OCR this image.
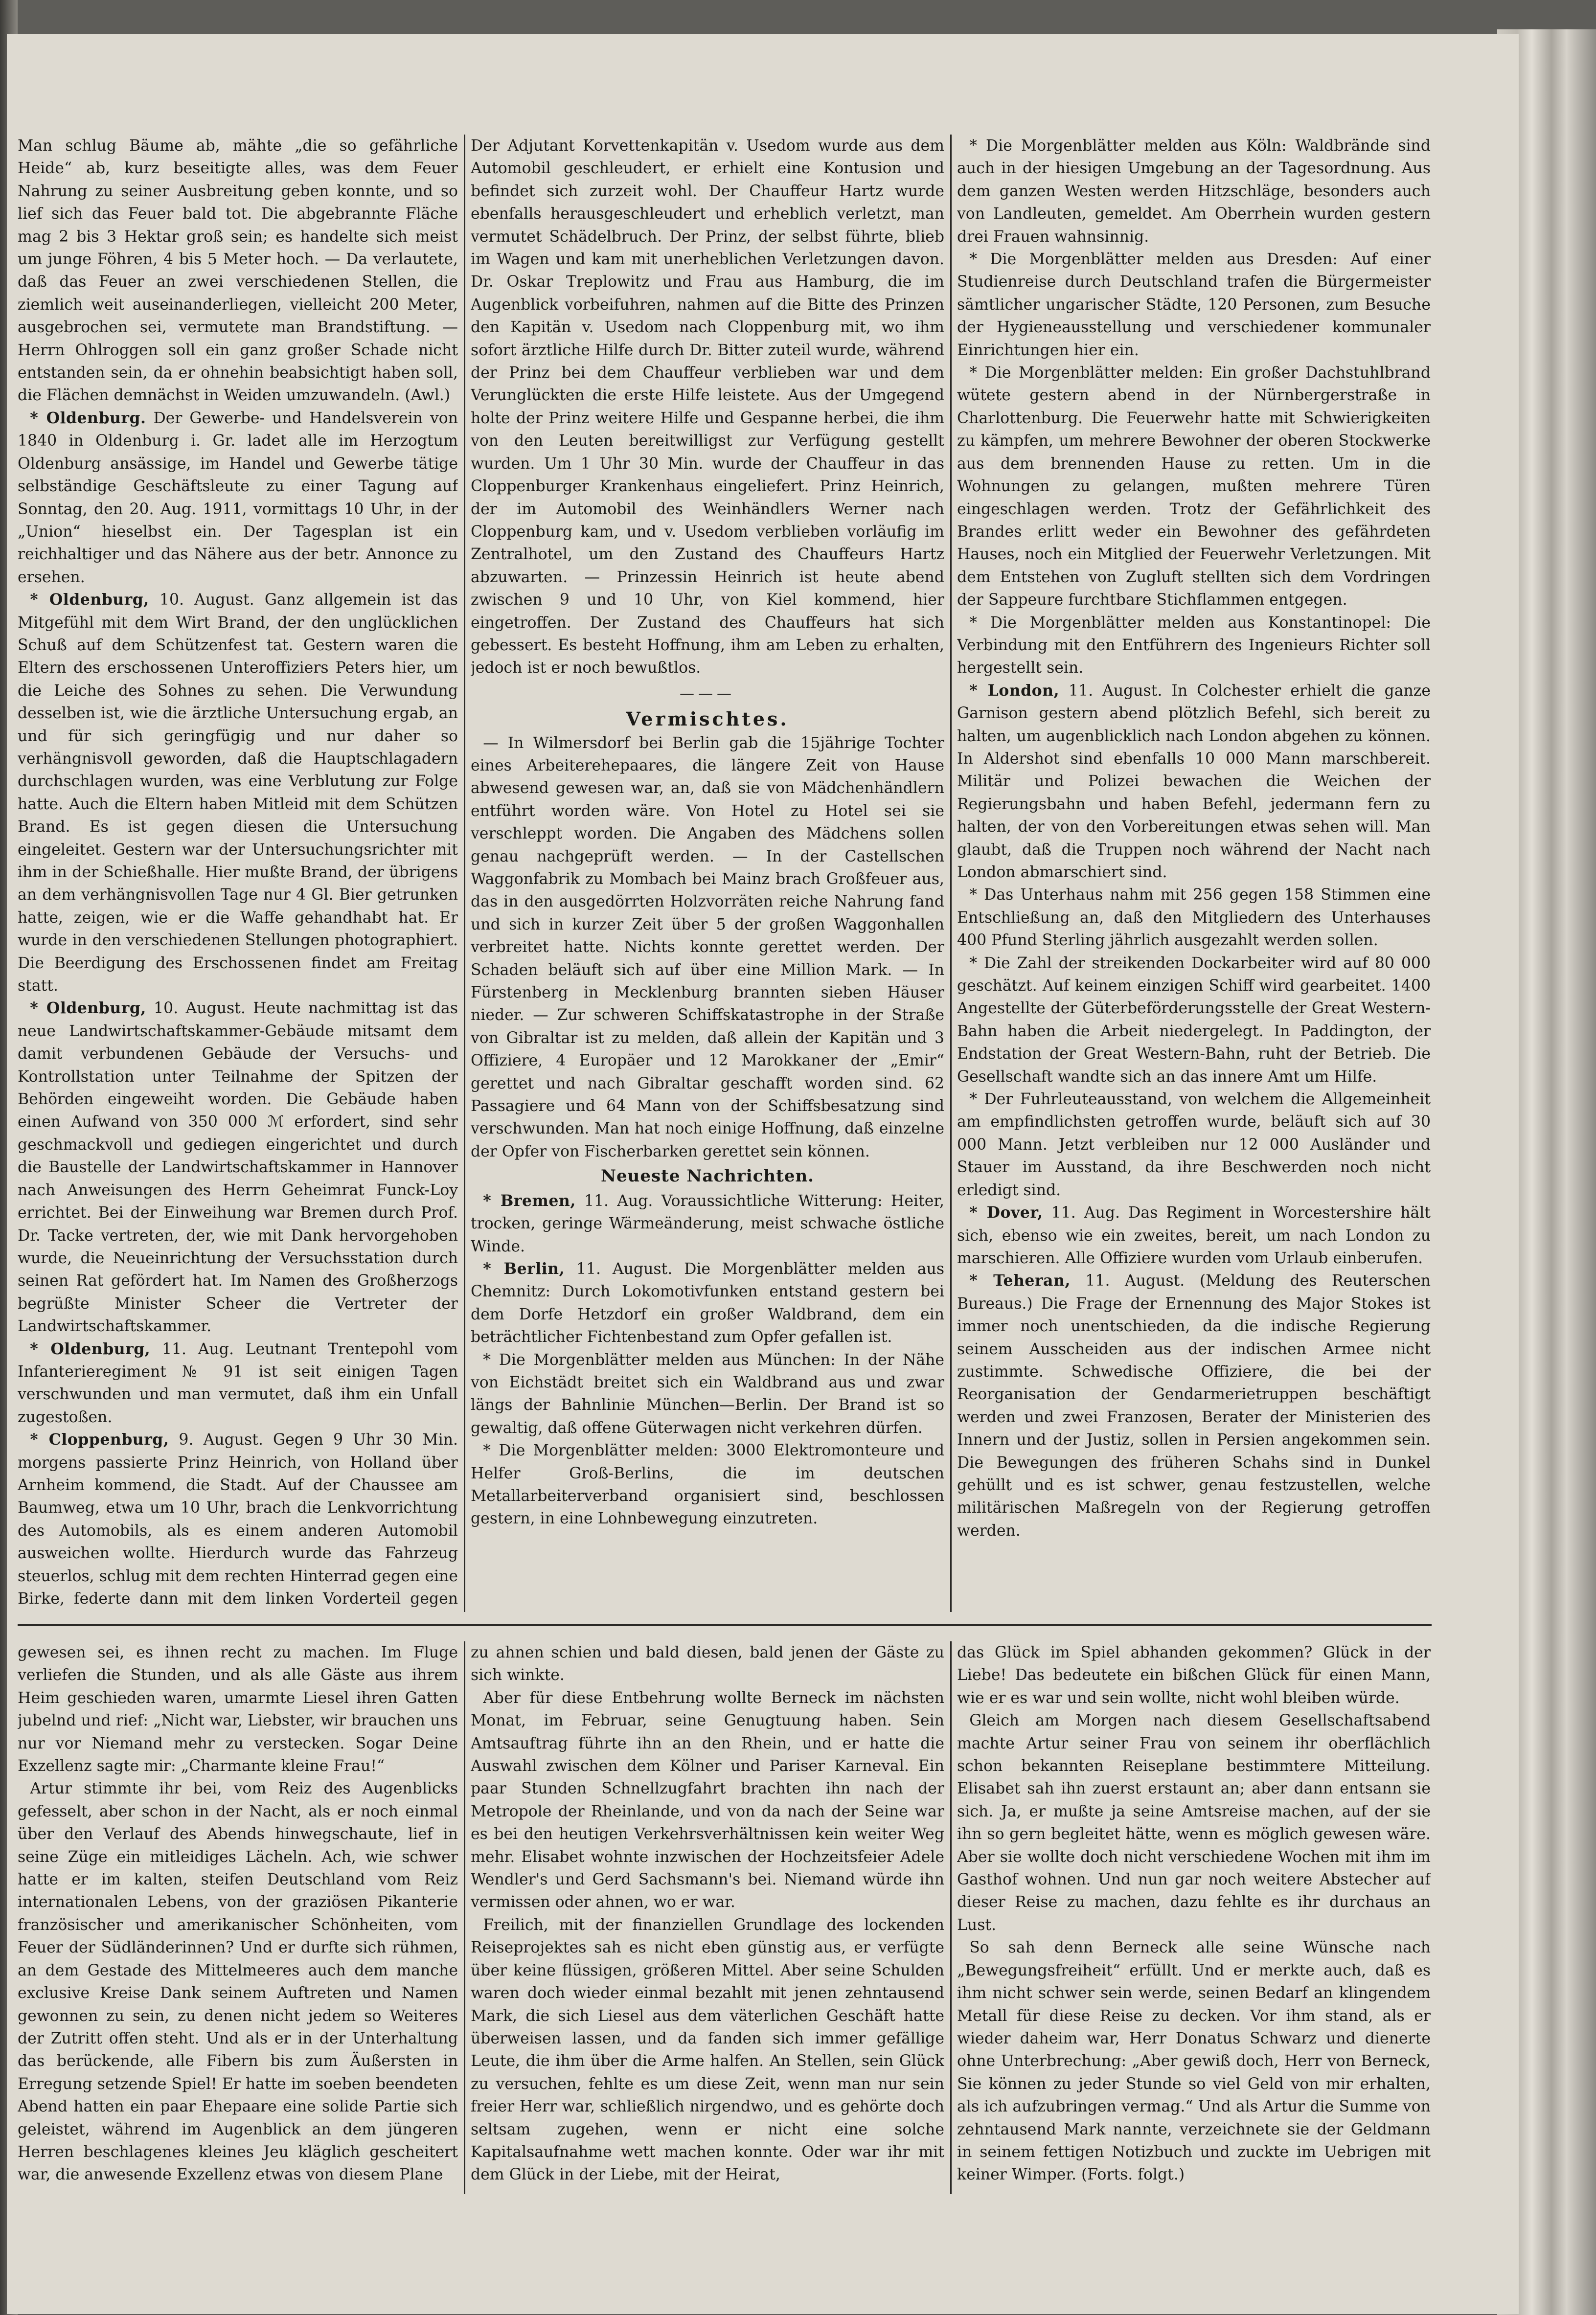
Man schlug Bäume ab, mähte „die so gefährliche Heide“ ab, kurz beseitigte alles, was dem Feuer Nahrung zu seiner Ausbreitung geben konnte, und so lief sich das Feuer bald tot. Die abgebrannte Fläche mag 2 bis 3 Hektar groß sein; es handelte sich meist um junge Föhren, 4 bis 5 Meter hoch. — Da verlautete, daß das Feuer an zwei verschiedenen Stellen, die ziemlich weit auseinanderliegen, vielleicht 200 Meter, ausgebrochen sei, vermutete man Brandstiftung. — Herrn Ohlroggen soll ein ganz großer Schade nicht entstanden sein, da er ohnehin beabsichtigt haben soll, die Flächen demnächst in Weiden umzuwandeln. (Awl.)

* Oldenburg. Der Gewerbe- und Handelsverein von 1840 in Oldenburg i. Gr. ladet alle im Herzogtum Oldenburg ansässige, im Handel und Gewerbe tätige selbständige Geschäftsleute zu einer Tagung auf Sonntag, den 20. Aug. 1911, vormittags 10 Uhr, in der „Union“ hieselbst ein. Der Tagesplan ist ein reichhaltiger und das Nähere aus der betr. Annonce zu ersehen.

* Oldenburg, 10. August. Ganz allgemein ist das Mitgefühl mit dem Wirt Brand, der den unglücklichen Schuß auf dem Schützenfest tat. Gestern waren die Eltern des erschossenen Unteroffiziers Peters hier, um die Leiche des Sohnes zu sehen. Die Verwundung desselben ist, wie die ärztliche Untersuchung ergab, an und für sich geringfügig und nur daher so verhängnisvoll geworden, daß die Hauptschlagadern durchschlagen wurden, was eine Verblutung zur Folge hatte. Auch die Eltern haben Mitleid mit dem Schützen Brand. Es ist gegen diesen die Untersuchung eingeleitet. Gestern war der Untersuchungsrichter mit ihm in der Schießhalle. Hier mußte Brand, der übrigens an dem verhängnisvollen Tage nur 4 Gl. Bier getrunken hatte, zeigen, wie er die Waffe gehandhabt hat. Er wurde in den verschiedenen Stellungen photographiert. Die Beerdigung des Erschossenen findet am Freitag statt.

* Oldenburg, 10. August. Heute nachmittag ist das neue Landwirtschaftskammer-Gebäude mitsamt dem damit verbundenen Gebäude der Versuchs- und Kontrollstation unter Teilnahme der Spitzen der Behörden eingeweiht worden. Die Gebäude haben einen Aufwand von 350 000 ℳ erfordert, sind sehr geschmackvoll und gediegen eingerichtet und durch die Baustelle der Landwirtschaftskammer in Hannover nach Anweisungen des Herrn Geheimrat Funck-Loy errichtet. Bei der Einweihung war Bremen durch Prof. Dr. Tacke vertreten, der, wie mit Dank hervorgehoben wurde, die Neueinrichtung der Versuchsstation durch seinen Rat gefördert hat. Im Namen des Großherzogs begrüßte Minister Scheer die Vertreter der Landwirtschaftskammer.

* Oldenburg, 11. Aug. Leutnant Trentepohl vom Infanterieregiment № 91 ist seit einigen Tagen verschwunden und man vermutet, daß ihm ein Unfall zugestoßen.

* Cloppenburg, 9. August. Gegen 9 Uhr 30 Min. morgens passierte Prinz Heinrich, von Holland über Arnheim kommend, die Stadt. Auf der Chaussee am Baumweg, etwa um 10 Uhr, brach die Lenkvorrichtung des Automobils, als es einem anderen Automobil ausweichen wollte. Hierdurch wurde das Fahrzeug steuerlos, schlug mit dem rechten Hinterrad gegen eine Birke, federte dann mit dem linken Vorderteil gegen

Der Adjutant Korvettenkapitän v. Usedom wurde aus dem Automobil geschleudert, er erhielt eine Kontusion und befindet sich zurzeit wohl. Der Chauffeur Hartz wurde ebenfalls herausgeschleudert und erheblich verletzt, man vermutet Schädelbruch. Der Prinz, der selbst führte, blieb im Wagen und kam mit unerheblichen Verletzungen davon. Dr. Oskar Treplowitz und Frau aus Hamburg, die im Augenblick vorbeifuhren, nahmen auf die Bitte des Prinzen den Kapitän v. Usedom nach Cloppenburg mit, wo ihm sofort ärztliche Hilfe durch Dr. Bitter zuteil wurde, während der Prinz bei dem Chauffeur verblieben war und dem Verunglückten die erste Hilfe leistete. Aus der Umgegend holte der Prinz weitere Hilfe und Gespanne herbei, die ihm von den Leuten bereitwilligst zur Verfügung gestellt wurden. Um 1 Uhr 30 Min. wurde der Chauffeur in das Cloppenburger Krankenhaus eingeliefert. Prinz Heinrich, der im Automobil des Weinhändlers Werner nach Cloppenburg kam, und v. Usedom verblieben vorläufig im Zentralhotel, um den Zustand des Chauffeurs Hartz abzuwarten. — Prinzessin Heinrich ist heute abend zwischen 9 und 10 Uhr, von Kiel kommend, hier eingetroffen. Der Zustand des Chauffeurs hat sich gebessert. Es besteht Hoffnung, ihm am Leben zu erhalten, jedoch ist er noch bewußtlos.

———
Vermischtes.

— In Wilmersdorf bei Berlin gab die 15jährige Tochter eines Arbeiterehepaares, die längere Zeit von Hause abwesend gewesen war, an, daß sie von Mädchenhändlern entführt worden wäre. Von Hotel zu Hotel sei sie verschleppt worden. Die Angaben des Mädchens sollen genau nachgeprüft werden. — In der Castellschen Waggonfabrik zu Mombach bei Mainz brach Großfeuer aus, das in den ausgedörrten Holzvorräten reiche Nahrung fand und sich in kurzer Zeit über 5 der großen Waggonhallen verbreitet hatte. Nichts konnte gerettet werden. Der Schaden beläuft sich auf über eine Million Mark. — In Fürstenberg in Mecklenburg brannten sieben Häuser nieder. — Zur schweren Schiffskatastrophe in der Straße von Gibraltar ist zu melden, daß allein der Kapitän und 3 Offiziere, 4 Europäer und 12 Marokkaner der „Emir“ gerettet und nach Gibraltar geschafft worden sind. 62 Passagiere und 64 Mann von der Schiffsbesatzung sind verschwunden. Man hat noch einige Hoffnung, daß einzelne der Opfer von Fischerbarken gerettet sein können.

Neueste Nachrichten.

* Bremen, 11. Aug. Voraussichtliche Witterung: Heiter, trocken, geringe Wärmeänderung, meist schwache östliche Winde.

* Berlin, 11. August. Die Morgenblätter melden aus Chemnitz: Durch Lokomotivfunken entstand gestern bei dem Dorfe Hetzdorf ein großer Waldbrand, dem ein beträchtlicher Fichtenbestand zum Opfer gefallen ist.

* Die Morgenblätter melden aus München: In der Nähe von Eichstädt breitet sich ein Waldbrand aus und zwar längs der Bahnlinie München—Berlin. Der Brand ist so gewaltig, daß offene Güterwagen nicht verkehren dürfen.

* Die Morgenblätter melden: 3000 Elektromonteure und Helfer Groß-Berlins, die im deutschen Metallarbeiterverband organisiert sind, beschlossen gestern, in eine Lohnbewegung einzutreten.

* Die Morgenblätter melden aus Köln: Waldbrände sind auch in der hiesigen Umgebung an der Tagesordnung. Aus dem ganzen Westen werden Hitzschläge, besonders auch von Landleuten, gemeldet. Am Oberrhein wurden gestern drei Frauen wahnsinnig.

* Die Morgenblätter melden aus Dresden: Auf einer Studienreise durch Deutschland trafen die Bürgermeister sämtlicher ungarischer Städte, 120 Personen, zum Besuche der Hygieneausstellung und verschiedener kommunaler Einrichtungen hier ein.

* Die Morgenblätter melden: Ein großer Dachstuhlbrand wütete gestern abend in der Nürnbergerstraße in Charlottenburg. Die Feuerwehr hatte mit Schwierigkeiten zu kämpfen, um mehrere Bewohner der oberen Stockwerke aus dem brennenden Hause zu retten. Um in die Wohnungen zu gelangen, mußten mehrere Türen eingeschlagen werden. Trotz der Gefährlichkeit des Brandes erlitt weder ein Bewohner des gefährdeten Hauses, noch ein Mitglied der Feuerwehr Verletzungen. Mit dem Entstehen von Zugluft stellten sich dem Vordringen der Sappeure furchtbare Stichflammen entgegen.

* Die Morgenblätter melden aus Konstantinopel: Die Verbindung mit den Entführern des Ingenieurs Richter soll hergestellt sein.

* London, 11. August. In Colchester erhielt die ganze Garnison gestern abend plötzlich Befehl, sich bereit zu halten, um augenblicklich nach London abgehen zu können. In Aldershot sind ebenfalls 10 000 Mann marschbereit. Militär und Polizei bewachen die Weichen der Regierungsbahn und haben Befehl, jedermann fern zu halten, der von den Vorbereitungen etwas sehen will. Man glaubt, daß die Truppen noch während der Nacht nach London abmarschiert sind.

* Das Unterhaus nahm mit 256 gegen 158 Stimmen eine Entschließung an, daß den Mitgliedern des Unterhauses 400 Pfund Sterling jährlich ausgezahlt werden sollen.

* Die Zahl der streikenden Dockarbeiter wird auf 80 000 geschätzt. Auf keinem einzigen Schiff wird gearbeitet. 1400 Angestellte der Güterbeförderungsstelle der Great Western-Bahn haben die Arbeit niedergelegt. In Paddington, der Endstation der Great Western-Bahn, ruht der Betrieb. Die Gesellschaft wandte sich an das innere Amt um Hilfe.

* Der Fuhrleuteausstand, von welchem die Allgemeinheit am empfindlichsten getroffen wurde, beläuft sich auf 30 000 Mann. Jetzt verbleiben nur 12 000 Ausländer und Stauer im Ausstand, da ihre Beschwerden noch nicht erledigt sind.

* Dover, 11. Aug. Das Regiment in Worcestershire hält sich, ebenso wie ein zweites, bereit, um nach London zu marschieren. Alle Offiziere wurden vom Urlaub einberufen.

* Teheran, 11. August. (Meldung des Reuterschen Bureaus.) Die Frage der Ernennung des Major Stokes ist immer noch unentschieden, da die indische Regierung seinem Ausscheiden aus der indischen Armee nicht zustimmte. Schwedische Offiziere, die bei der Reorganisation der Gendarmerietruppen beschäftigt werden und zwei Franzosen, Berater der Ministerien des Innern und der Justiz, sollen in Persien angekommen sein. Die Bewegungen des früheren Schahs sind in Dunkel gehüllt und es ist schwer, genau festzustellen, welche militärischen Maßregeln von der Regierung getroffen werden.

gewesen sei, es ihnen recht zu machen. Im Fluge verliefen die Stunden, und als alle Gäste aus ihrem Heim geschieden waren, umarmte Liesel ihren Gatten jubelnd und rief: „Nicht war, Liebster, wir brauchen uns nur vor Niemand mehr zu verstecken. Sogar Deine Exzellenz sagte mir: „Charmante kleine Frau!“

Artur stimmte ihr bei, vom Reiz des Augenblicks gefesselt, aber schon in der Nacht, als er noch einmal über den Verlauf des Abends hinwegschaute, lief in seine Züge ein mitleidiges Lächeln. Ach, wie schwer hatte er im kalten, steifen Deutschland vom Reiz internationalen Lebens, von der graziösen Pikanterie französischer und amerikanischer Schönheiten, vom Feuer der Südländerinnen? Und er durfte sich rühmen, an dem Gestade des Mittelmeeres auch dem manche exclusive Kreise Dank seinem Auftreten und Namen gewonnen zu sein, zu denen nicht jedem so Weiteres der Zutritt offen steht. Und als er in der Unterhaltung das berückende, alle Fibern bis zum Äußersten in Erregung setzende Spiel! Er hatte im soeben beendeten Abend hatten ein paar Ehepaare eine solide Partie sich geleistet, während im Augenblick an dem jüngeren Herren beschlagenes kleines Jeu kläglich gescheitert war, die anwesende Exzellenz etwas von diesem Plane

zu ahnen schien und bald diesen, bald jenen der Gäste zu sich winkte.

Aber für diese Entbehrung wollte Berneck im nächsten Monat, im Februar, seine Genugtuung haben. Sein Amtsauftrag führte ihn an den Rhein, und er hatte die Auswahl zwischen dem Kölner und Pariser Karneval. Ein paar Stunden Schnellzugfahrt brachten ihn nach der Metropole der Rheinlande, und von da nach der Seine war es bei den heutigen Verkehrsverhältnissen kein weiter Weg mehr. Elisabet wohnte inzwischen der Hochzeitsfeier Adele Wendler's und Gerd Sachsmann's bei. Niemand würde ihn vermissen oder ahnen, wo er war.

Freilich, mit der finanziellen Grundlage des lockenden Reiseprojektes sah es nicht eben günstig aus, er verfügte über keine flüssigen, größeren Mittel. Aber seine Schulden waren doch wieder einmal bezahlt mit jenen zehntausend Mark, die sich Liesel aus dem väterlichen Geschäft hatte überweisen lassen, und da fanden sich immer gefällige Leute, die ihm über die Arme halfen. An Stellen, sein Glück zu versuchen, fehlte es um diese Zeit, wenn man nur sein freier Herr war, schließlich nirgendwo, und es gehörte doch seltsam zugehen, wenn er nicht eine solche Kapitalsaufnahme wett machen konnte. Oder war ihr mit dem Glück in der Liebe, mit der Heirat,

das Glück im Spiel abhanden gekommen? Glück in der Liebe! Das bedeutete ein bißchen Glück für einen Mann, wie er es war und sein wollte, nicht wohl bleiben würde.

Gleich am Morgen nach diesem Gesellschaftsabend machte Artur seiner Frau von seinem ihr oberflächlich schon bekannten Reiseplane bestimmtere Mitteilung. Elisabet sah ihn zuerst erstaunt an; aber dann entsann sie sich. Ja, er mußte ja seine Amtsreise machen, auf der sie ihn so gern begleitet hätte, wenn es möglich gewesen wäre. Aber sie wollte doch nicht verschiedene Wochen mit ihm im Gasthof wohnen. Und nun gar noch weitere Abstecher auf dieser Reise zu machen, dazu fehlte es ihr durchaus an Lust.

So sah denn Berneck alle seine Wünsche nach „Bewegungsfreiheit“ erfüllt. Und er merkte auch, daß es ihm nicht schwer sein werde, seinen Bedarf an klingendem Metall für diese Reise zu decken. Vor ihm stand, als er wieder daheim war, Herr Donatus Schwarz und dienerte ohne Unterbrechung: „Aber gewiß doch, Herr von Berneck, Sie können zu jeder Stunde so viel Geld von mir erhalten, als ich aufzubringen vermag.“ Und als Artur die Summe von zehntausend Mark nannte, verzeichnete sie der Geldmann in seinem fettigen Notizbuch und zuckte im Uebrigen mit keiner Wimper. (Forts. folgt.)
